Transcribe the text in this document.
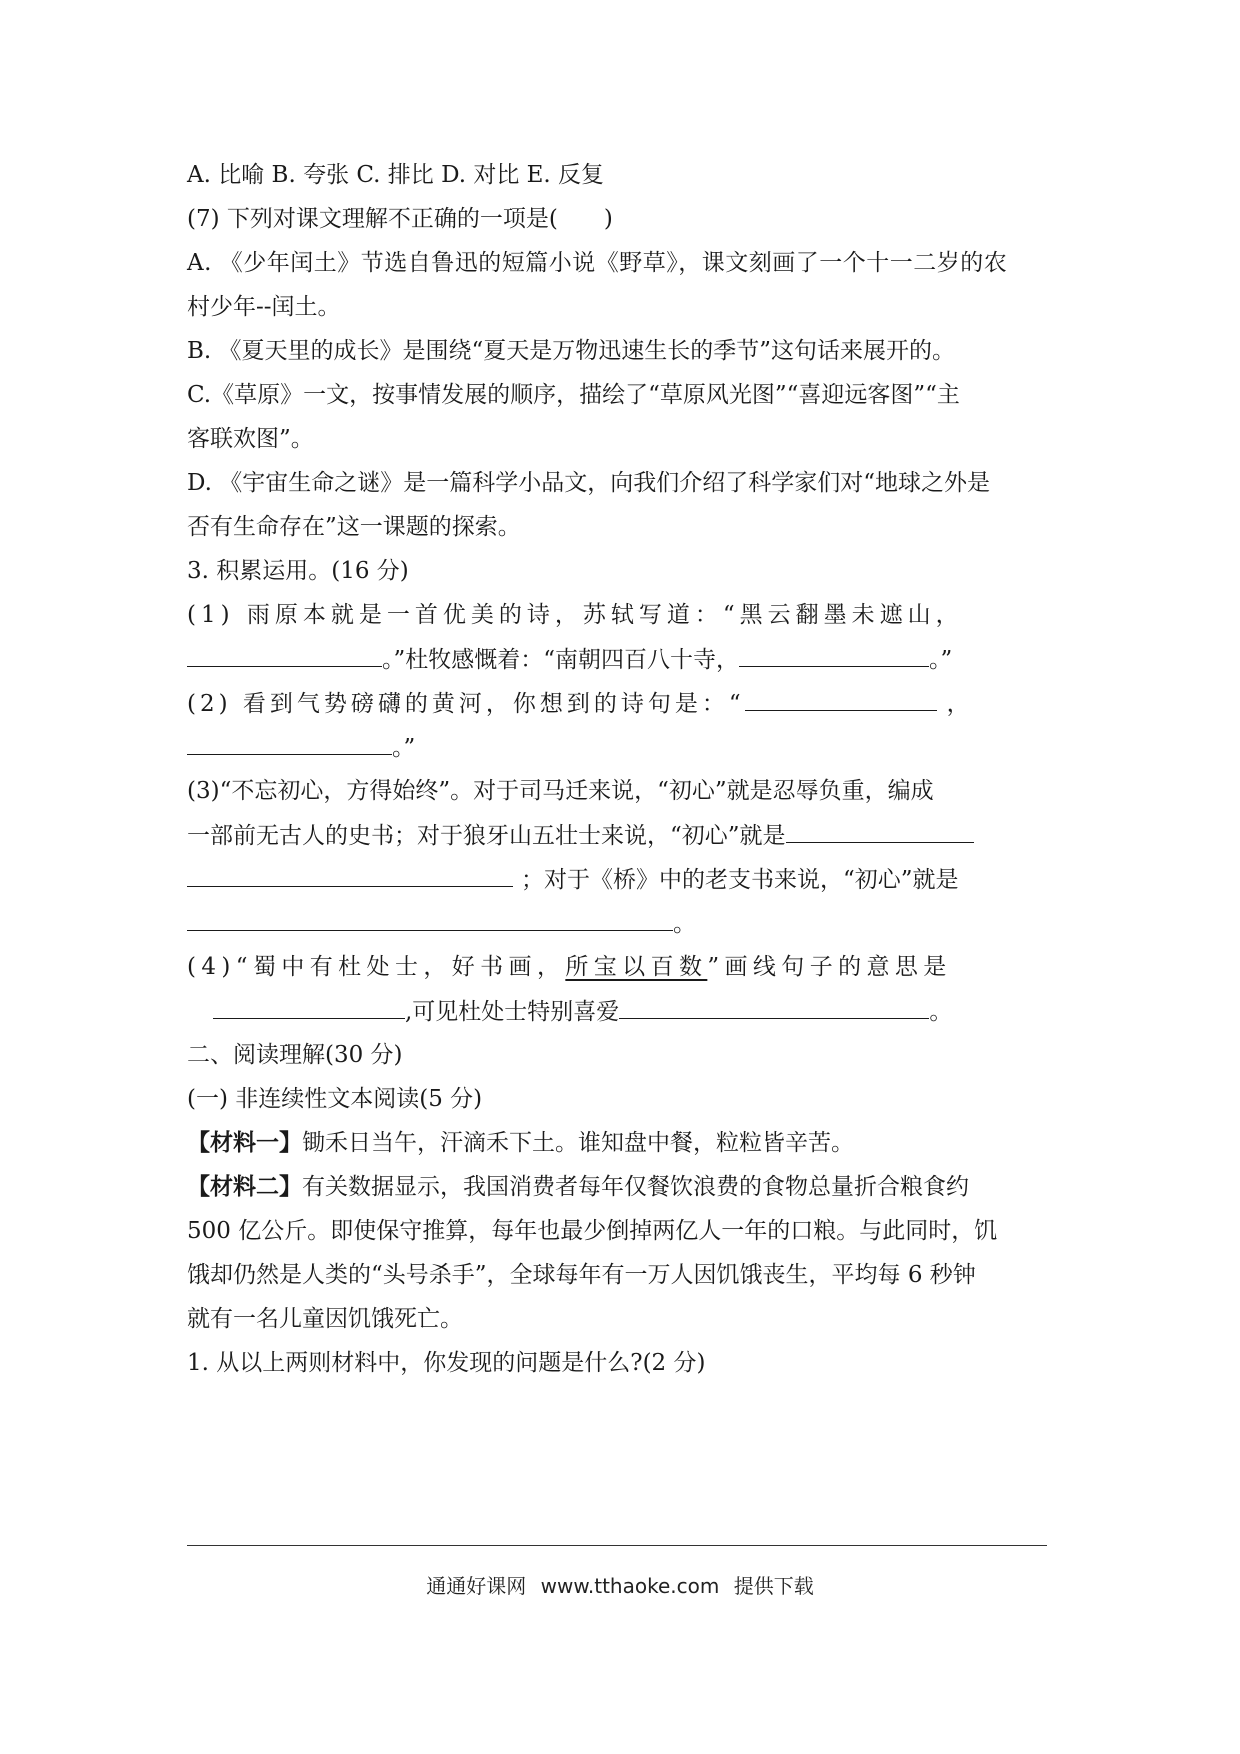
A. 比喻 B. 夸张 C. 排比 D. 对比 E. 反复
(7) 下列对课文理解不正确的一项是(　　)
A. 《少年闰土》节选自鲁迅的短篇小说《野草》，课文刻画了一个十一二岁的农
村少年--闰土。
B. 《夏天里的成长》是围绕“夏天是万物迅速生长的季节”这句话来展开的。
C.《草原》一文，按事情发展的顺序，描绘了“草原风光图”“喜迎远客图”“主
客联欢图”。
D. 《宇宙生命之谜》是一篇科学小品文，向我们介绍了科学家们对“地球之外是
否有生命存在”这一课题的探索。
3. 积累运用。(16 分)
(1) 雨原本就是一首优美的诗，苏轼写道：“黑云翻墨未遮山，
。”杜牧感慨着：“南朝四百八十寺，	。”
(2) 看到气势磅礴的黄河，你想到的诗句是：“	，
。”
(3)“不忘初心，方得始终”。对于司马迁来说，“初心”就是忍辱负重，编成
一部前无古人的史书；对于狼牙山五壮士来说，“初心”就是
；对于《桥》中的老支书来说，“初心”就是
。
(4)“蜀中有杜处士，好书画，所宝以百数”画线句子的意思是
,可见杜处士特别喜爱	。
二、阅读理解(30 分)
(一) 非连续性文本阅读(5 分)
【材料一】锄禾日当午，汗滴禾下土。谁知盘中餐，粒粒皆辛苦。
【材料二】有关数据显示，我国消费者每年仅餐饮浪费的食物总量折合粮食约
500 亿公斤。即使保守推算，每年也最少倒掉两亿人一年的口粮。与此同时，饥
饿却仍然是人类的“头号杀手”，全球每年有一万人因饥饿丧生，平均每 6 秒钟
就有一名儿童因饥饿死亡。
1. 从以上两则材料中，你发现的问题是什么?(2 分)
通通好课网 www.tthaoke.com 提供下载
